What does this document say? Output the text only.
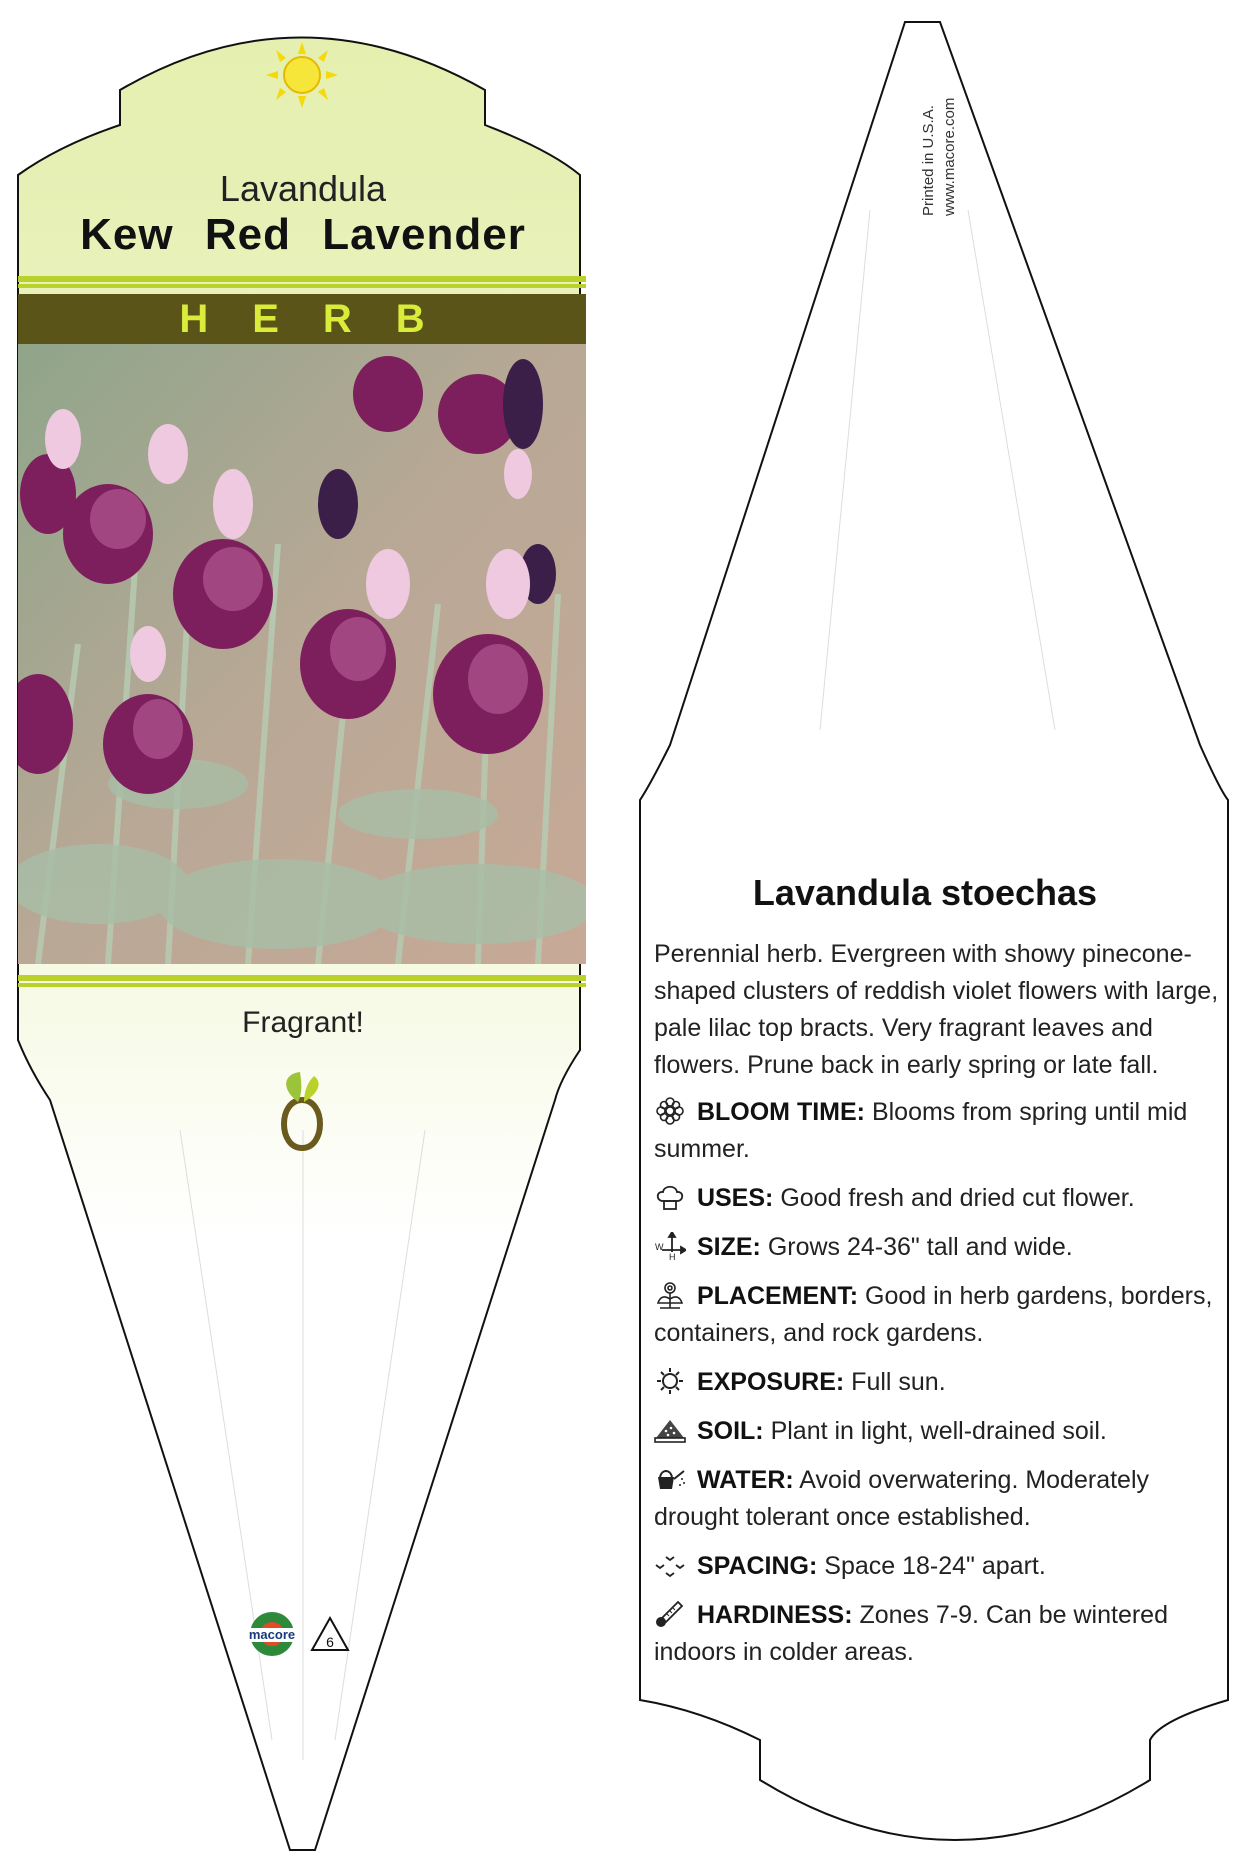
Lavandula
Kew Red Lavender
HERB
Fragrant!
macore 6
Printed in U.S.A. www.macore.com
Lavandula stoechas
Perennial herb. Evergreen with showy pinecone-shaped clusters of reddish violet flowers with large, pale lilac top bracts. Very fragrant leaves and flowers. Prune back in early spring or late fall.
BLOOM TIME: Blooms from spring until mid summer.
USES: Good fresh and dried cut flower.
W
H SIZE: Grows 24-36" tall and wide.
PLACEMENT: Good in herb gardens, borders, containers, and rock gardens.
EXPOSURE: Full sun.
SOIL: Plant in light, well-drained soil.
WATER: Avoid overwatering. Moderately drought tolerant once established.
SPACING: Space 18-24" apart.
HARDINESS: Zones 7-9. Can be wintered indoors in colder areas.
